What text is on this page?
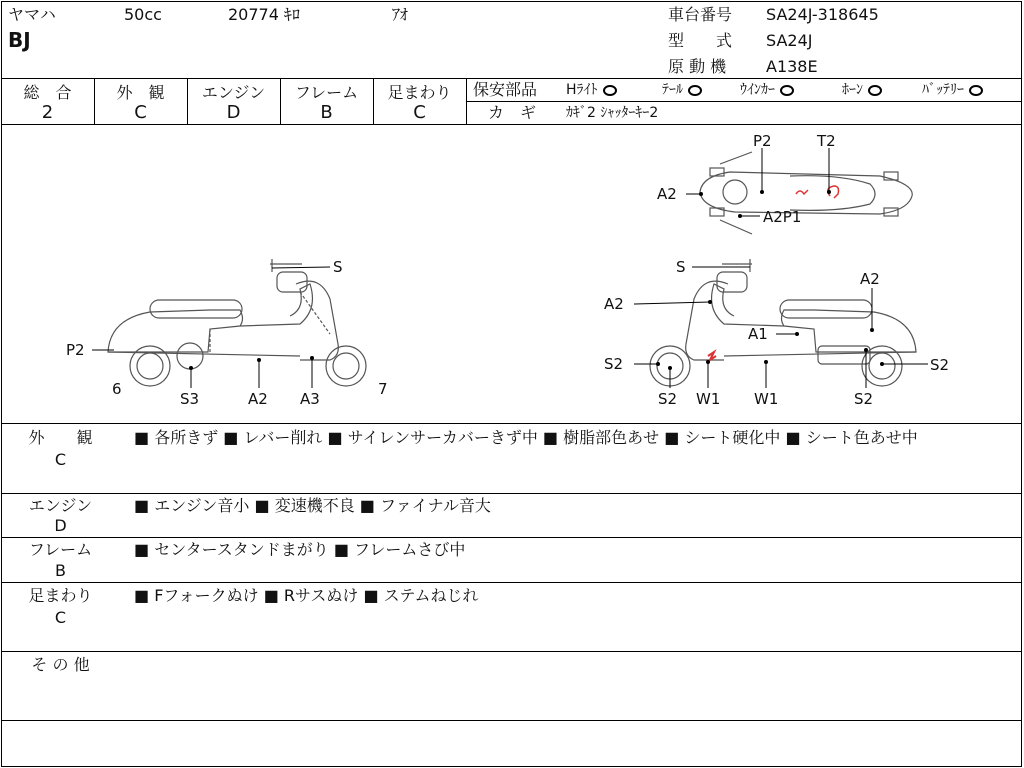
ヤマハ	50cc	20774 ｷﾛ	ｱｵ
BJ
車台番号 SA24J-318645
型　　式 SA24J
原 動 機 A138E
総　合
2
外　観
C
エンジン
D
フレーム
B
足まわり
C
保安部品 Hﾗｲﾄ	ﾃｰﾙ	ｳｲﾝｶｰ	ﾎｰﾝ	ﾊﾞｯﾃﾘｰ
カ　ギ ｶｷﾞ2 ｼｬｯﾀｰｷｰ2
S
P2
6
S3	A2 A3
7
P2	T2
A2
A2P1
S
A2
A2
A1
S2	S2
S2 W1 W1	S2
外　　観
C
■ 各所きず ■ レバー削れ ■ サイレンサーカバーきず中 ■ 樹脂部色あせ ■ シート硬化中 ■ シート色あせ中
エンジン
D
■ エンジン音小 ■ 変速機不良 ■ ファイナル音大
フレーム
B
■ センタースタンドまがり ■ フレームさび中
足まわり
C
■ Fフォークぬけ ■ Rサスぬけ ■ ステムねじれ
そ の 他
